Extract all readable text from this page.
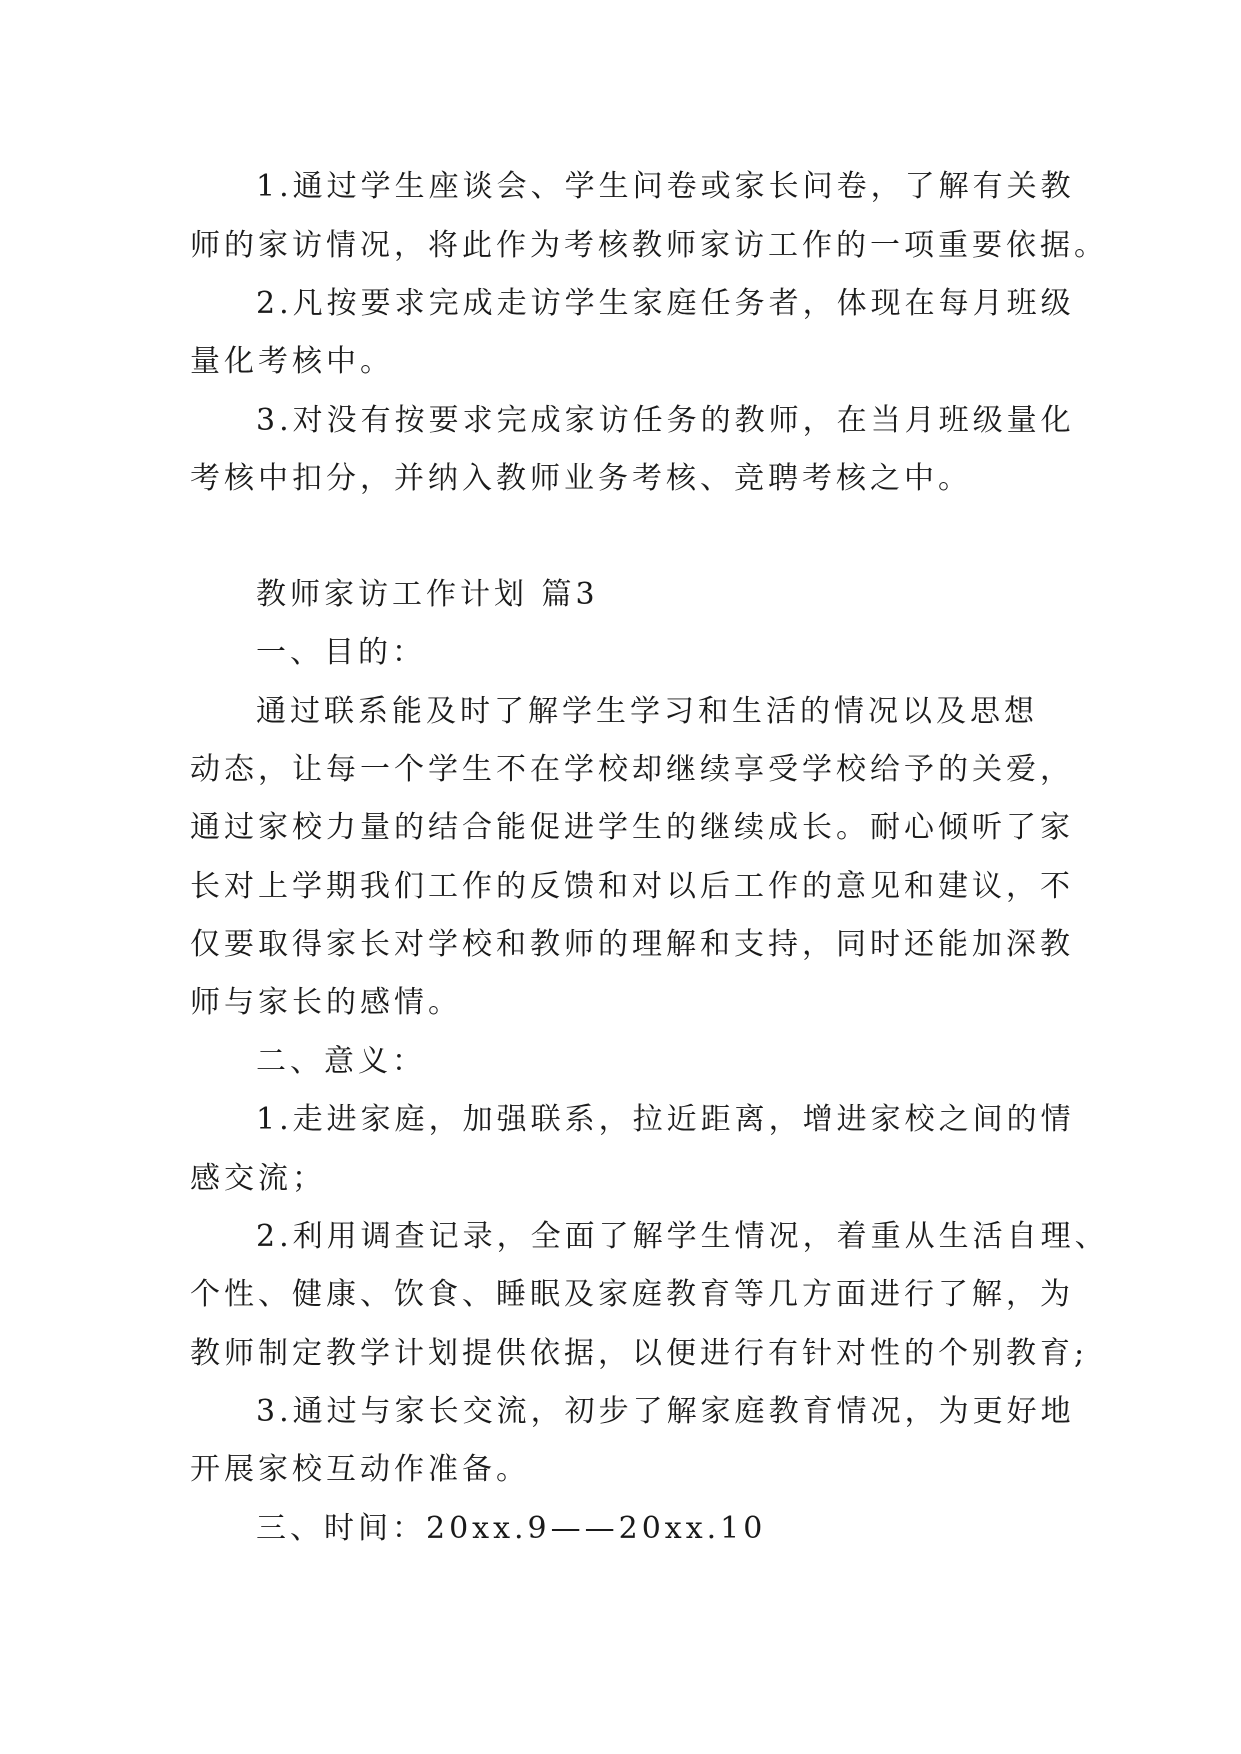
1.通过学生座谈会、学生问卷或家长问卷，了解有关教
师的家访情况，将此作为考核教师家访工作的一项重要依据。
2.凡按要求完成走访学生家庭任务者，体现在每月班级
量化考核中。
3.对没有按要求完成家访任务的教师，在当月班级量化
考核中扣分，并纳入教师业务考核、竞聘考核之中。
教师家访工作计划 篇3
一、目的：
通过联系能及时了解学生学习和生活的情况以及思想
动态，让每一个学生不在学校却继续享受学校给予的关爱，
通过家校力量的结合能促进学生的继续成长。耐心倾听了家
长对上学期我们工作的反馈和对以后工作的意见和建议，不
仅要取得家长对学校和教师的理解和支持，同时还能加深教
师与家长的感情。
二、意义：
1.走进家庭，加强联系，拉近距离，增进家校之间的情
感交流；
2.利用调查记录，全面了解学生情况，着重从生活自理、
个性、健康、饮食、睡眠及家庭教育等几方面进行了解，为
教师制定教学计划提供依据，以便进行有针对性的个别教育;
3.通过与家长交流，初步了解家庭教育情况，为更好地
开展家校互动作准备。
三、时间：20xx.9——20xx.10
